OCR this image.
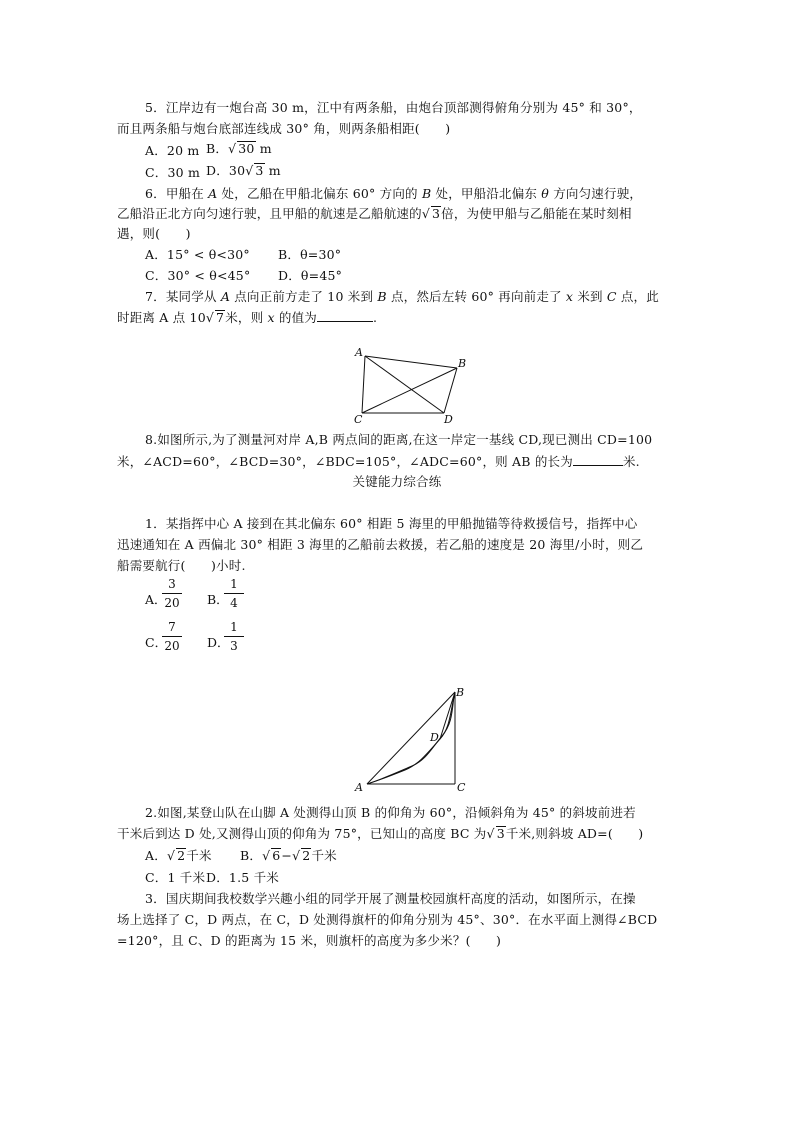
5．江岸边有一炮台高 30 m，江中有两条船，由炮台顶部测得俯角分别为 45° 和 30°，
而且两条船与炮台底部连线成 30° 角，则两条船相距(　　)
A．20 m B．√ 30 m
C．30 m D．30√ 3 m
6．甲船在 A 处，乙船在甲船北偏东 60° 方向的 B 处，甲船沿北偏东 θ 方向匀速行驶，
乙船沿正北方向匀速行驶，且甲船的航速是乙船航速的√ 3倍，为使甲船与乙船能在某时刻相
遇，则(　　)
A．15° < θ<30° B．θ=30°
C．30° < θ<45° D．θ=45°
7．某同学从 A 点向正前方走了 10 米到 B 点，然后左转 60° 再向前走了 x 米到 C 点，此
时距离 A 点 10√ 7米，则 x 的值为	.
A
B
C	D
8.如图所示,为了测量河对岸 A,B 两点间的距离,在这一岸定一基线 CD,现已测出 CD=100
米，∠ACD=60°，∠BCD=30°，∠BDC=105°，∠ADC=60°，则 AB 的长为	米.
关键能力综合练
1．某指挥中心 A 接到在其北偏东 60° 相距 5 海里的甲船抛锚等待救援信号，指挥中心
迅速通知在 A 西偏北 30° 相距 3 海里的乙船前去救援，若乙船的速度是 20 海里/小时，则乙
船需要航行(　　)小时.
A．
3
20 B．
1
4
C．
7
20 D．
1
3
B
D
A	C
2.如图,某登山队在山脚 A 处测得山顶 B 的仰角为 60°，沿倾斜角为 45° 的斜坡前进若
干米后到达 D 处,又测得山顶的仰角为 75°，已知山的高度 BC 为√ 3千米,则斜坡 AD=(　　)
A．√ 2千米 B．√ 6−√ 2千米
C．1 千米 D．1.5 千米
3．国庆期间我校数学兴趣小组的同学开展了测量校园旗杆高度的活动，如图所示，在操
场上选择了 C，D 两点，在 C，D 处测得旗杆的仰角分别为 45°、30°．在水平面上测得∠BCD
=120°，且 C、D 的距离为 15 米，则旗杆的高度为多少米？(　　)
